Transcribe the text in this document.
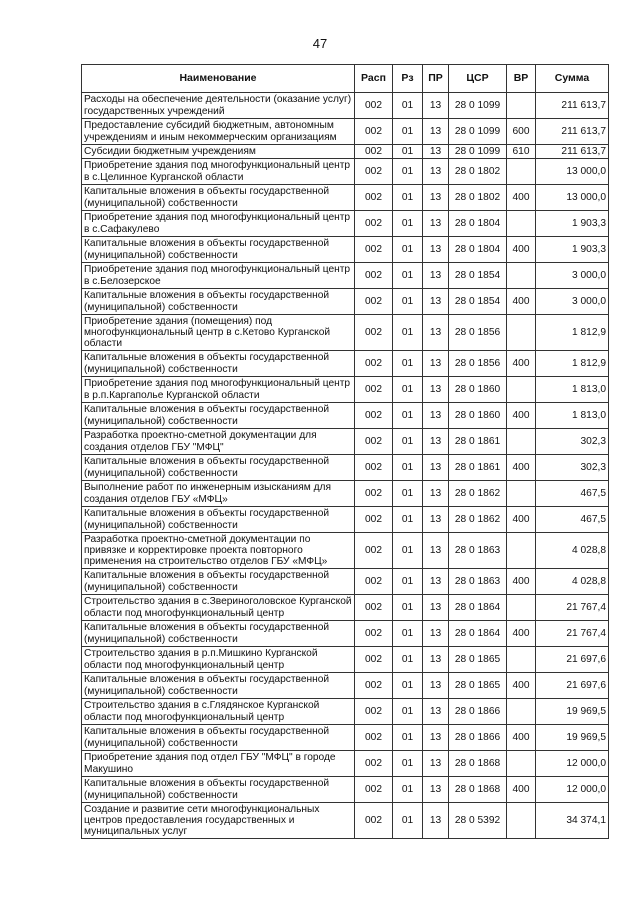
47
Наименование	Расп	Рз	ПР	ЦСР	ВР	Сумма
Расходы на обеспечение деятельности (оказание услуг) государственных учреждений	002	01	13	28 0 1099		211 613,7
Предоставление субсидий бюджетным, автономным учреждениям и иным некоммерческим организациям	002	01	13	28 0 1099	600	211 613,7
Субсидии бюджетным учреждениям	002	01	13	28 0 1099	610	211 613,7
Приобретение здания под многофункциональный центр в с.Целинное Курганской области	002	01	13	28 0 1802		13 000,0
Капитальные вложения в объекты государственной (муниципальной) собственности	002	01	13	28 0 1802	400	13 000,0
Приобретение здания под многофункциональный центр в с.Сафакулево	002	01	13	28 0 1804		1 903,3
Капитальные вложения в объекты государственной (муниципальной) собственности	002	01	13	28 0 1804	400	1 903,3
Приобретение здания под многофункциональный центр в с.Белозерское	002	01	13	28 0 1854		3 000,0
Капитальные вложения в объекты государственной (муниципальной) собственности	002	01	13	28 0 1854	400	3 000,0
Приобретение здания (помещения) под многофункциональный центр в с.Кетово Курганской области	002	01	13	28 0 1856		1 812,9
Капитальные вложения в объекты государственной (муниципальной) собственности	002	01	13	28 0 1856	400	1 812,9
Приобретение здания под многофункциональный центр в р.п.Каргаполье Курганской области	002	01	13	28 0 1860		1 813,0
Капитальные вложения в объекты государственной (муниципальной) собственности	002	01	13	28 0 1860	400	1 813,0
Разработка проектно-сметной документации для создания отделов ГБУ "МФЦ"	002	01	13	28 0 1861		302,3
Капитальные вложения в объекты государственной (муниципальной) собственности	002	01	13	28 0 1861	400	302,3
Выполнение работ по инженерным изысканиям для создания отделов ГБУ «МФЦ»	002	01	13	28 0 1862		467,5
Капитальные вложения в объекты государственной (муниципальной) собственности	002	01	13	28 0 1862	400	467,5
Разработка проектно-сметной документации по привязке и корректировке проекта повторного применения на строительство отделов ГБУ «МФЦ»	002	01	13	28 0 1863		4 028,8
Капитальные вложения в объекты государственной (муниципальной) собственности	002	01	13	28 0 1863	400	4 028,8
Строительство здания в с.Звериноголовское Курганской области под многофункциональный центр	002	01	13	28 0 1864		21 767,4
Капитальные вложения в объекты государственной (муниципальной) собственности	002	01	13	28 0 1864	400	21 767,4
Строительство здания в р.п.Мишкино Курганской области под многофункциональный центр	002	01	13	28 0 1865		21 697,6
Капитальные вложения в объекты государственной (муниципальной) собственности	002	01	13	28 0 1865	400	21 697,6
Строительство здания в с.Глядянское Курганской области под многофункциональный центр	002	01	13	28 0 1866		19 969,5
Капитальные вложения в объекты государственной (муниципальной) собственности	002	01	13	28 0 1866	400	19 969,5
Приобретение здания под отдел ГБУ "МФЦ" в городе Макушино	002	01	13	28 0 1868		12 000,0
Капитальные вложения в объекты государственной (муниципальной) собственности	002	01	13	28 0 1868	400	12 000,0
Создание и развитие сети многофункциональных центров предоставления государственных и муниципальных услуг	002	01	13	28 0 5392		34 374,1
